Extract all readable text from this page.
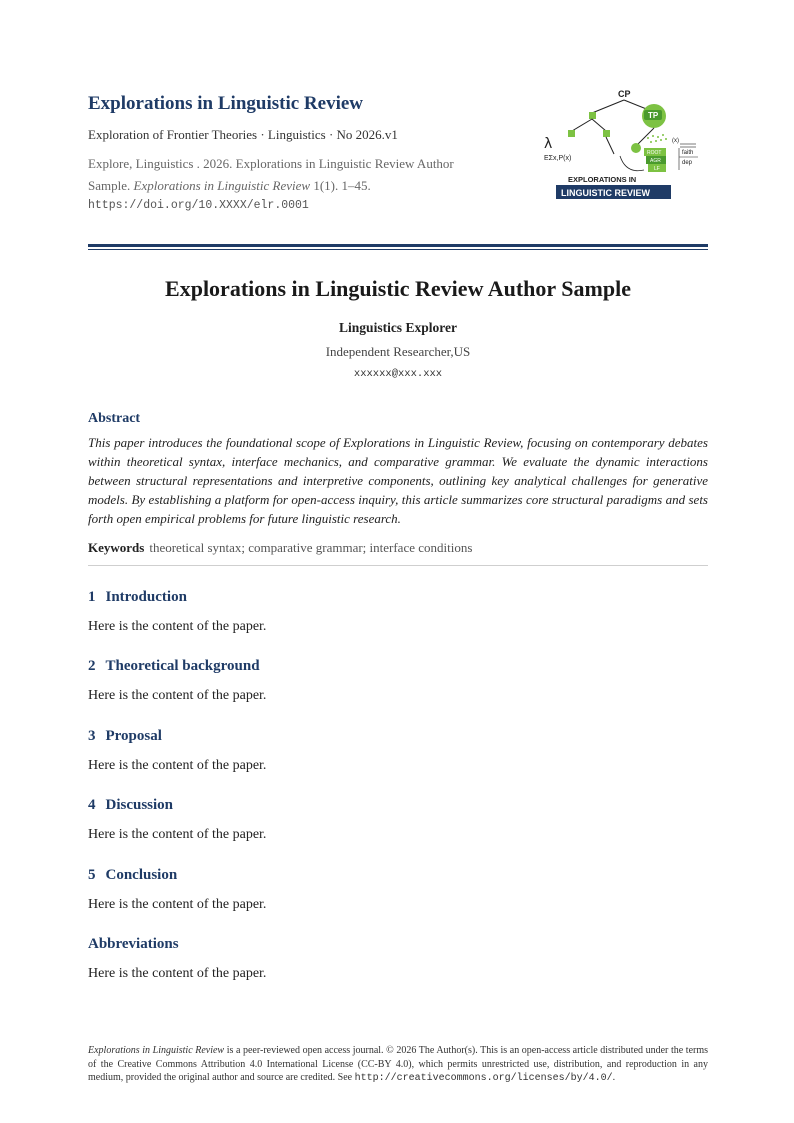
Explorations in Linguistic Review
Exploration of Frontier Theories · Linguistics · No 2026.v1
Explore, Linguistics . 2026. Explorations in Linguistic Review Author Sample. Explorations in Linguistic Review 1(1). 1–45.
https://doi.org/10.XXXX/elr.0001
CP
TP
λ
EΣx,P(x)
(x)
faith
dep
ROOT
AGR
LF
EXPLORATIONS IN
LINGUISTIC REVIEW
Explorations in Linguistic Review Author Sample
Linguistics Explorer
Independent Researcher,US
xxxxxx@xxx.xxx
Abstract
This paper introduces the foundational scope of Explorations in Linguistic Review, focusing on contemporary debates within theoretical syntax, interface mechanics, and comparative grammar. We evaluate the dynamic interactions between structural representations and interpretive components, outlining key analytical challenges for generative models. By establishing a platform for open-access inquiry, this article summarizes core structural paradigms and sets forth open empirical problems for future linguistic research.
Keywords theoretical syntax; comparative grammar; interface conditions
1 Introduction
Here is the content of the paper.
2 Theoretical background
Here is the content of the paper.
3 Proposal
Here is the content of the paper.
4 Discussion
Here is the content of the paper.
5 Conclusion
Here is the content of the paper.
Abbreviations
Here is the content of the paper.
Explorations in Linguistic Review is a peer-reviewed open access journal. © 2026 The Author(s). This is an open-access article distributed under the terms of the Creative Commons Attribution 4.0 International License (CC-BY 4.0), which permits unrestricted use, distribution, and reproduction in any medium, provided the original author and source are credited. See http://creativecommons.org/licenses/by/4.0/.
